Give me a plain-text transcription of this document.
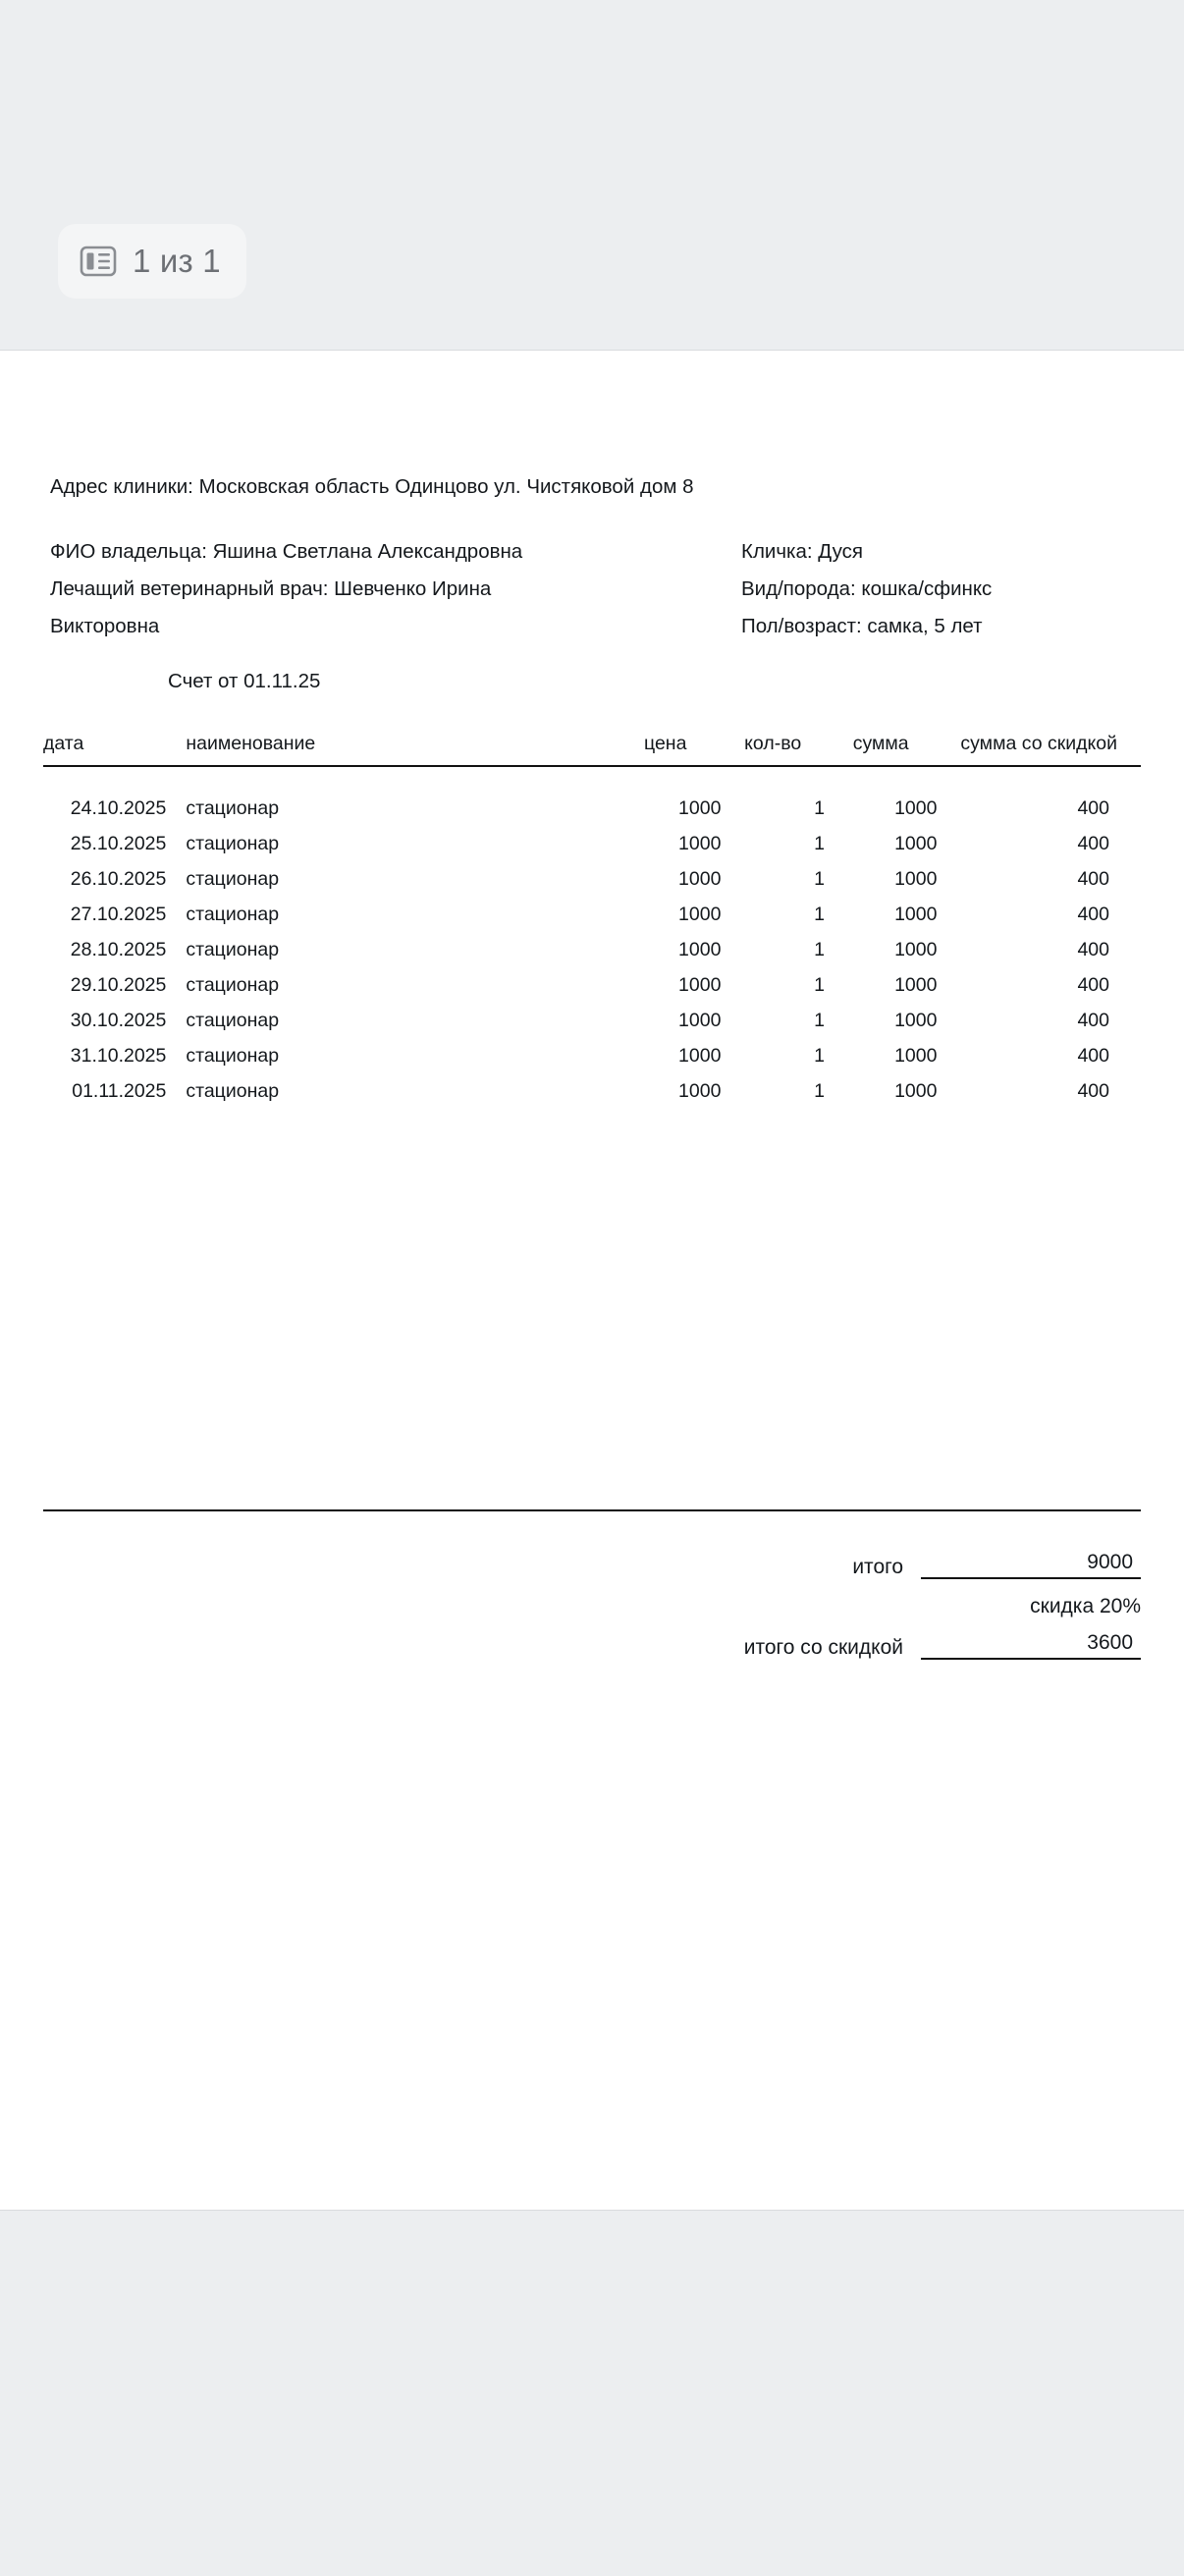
1 из 1
Адрес клиники: Московская область Одинцово ул. Чистяковой дом 8
ФИО владельца: Яшина Светлана Александровна
Лечащий ветеринарный врач: Шевченко Ирина
Викторовна
Кличка: Дуся
Вид/порода: кошка/сфинкс
Пол/возраст: самка, 5 лет
Счет от 01.11.25
дата	наименование	цена	кол-во	сумма	сумма со скидкой
24.10.2025	стационар	1000	1	1000	400
25.10.2025	стационар	1000	1	1000	400
26.10.2025	стационар	1000	1	1000	400
27.10.2025	стационар	1000	1	1000	400
28.10.2025	стационар	1000	1	1000	400
29.10.2025	стационар	1000	1	1000	400
30.10.2025	стационар	1000	1	1000	400
31.10.2025	стационар	1000	1	1000	400
01.11.2025	стационар	1000	1	1000	400
итого	9000
скидка 20%
итого со скидкой	3600
